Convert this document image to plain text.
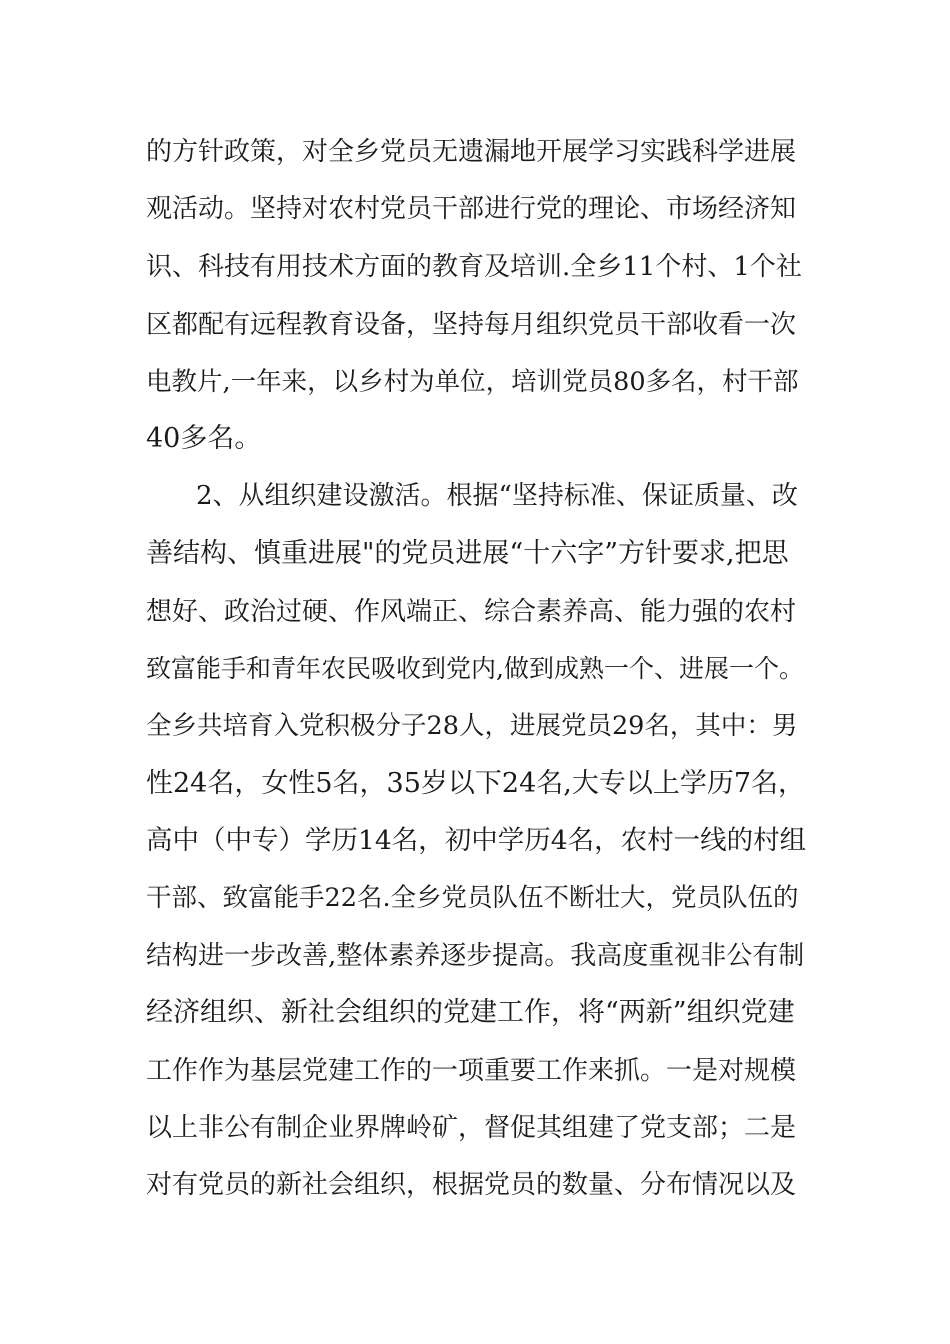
的方针政策，对全乡党员无遗漏地开展学习实践科学进展
观活动。坚持对农村党员干部进行党的理论、市场经济知
识、科技有用技术方面的教育及培训.全乡11个村、1个社
区都配有远程教育设备，坚持每月组织党员干部收看一次
电教片,一年来，以乡村为单位，培训党员80多名，村干部
40多名。
2、从组织建设激活。根据“坚持标准、保证质量、改
善结构、慎重进展"的党员进展“十六字”方针要求,把思
想好、政治过硬、作风端正、综合素养高、能力强的农村
致富能手和青年农民吸收到党内,做到成熟一个、进展一个。
全乡共培育入党积极分子28人，进展党员29名，其中：男
性24名，女性5名，35岁以下24名,大专以上学历7名，
高中（中专）学历14名，初中学历4名，农村一线的村组
干部、致富能手22名.全乡党员队伍不断壮大，党员队伍的
结构进一步改善,整体素养逐步提高。我高度重视非公有制
经济组织、新社会组织的党建工作，将“两新”组织党建
工作作为基层党建工作的一项重要工作来抓。一是对规模
以上非公有制企业界牌岭矿，督促其组建了党支部；二是
对有党员的新社会组织，根据党员的数量、分布情况以及
